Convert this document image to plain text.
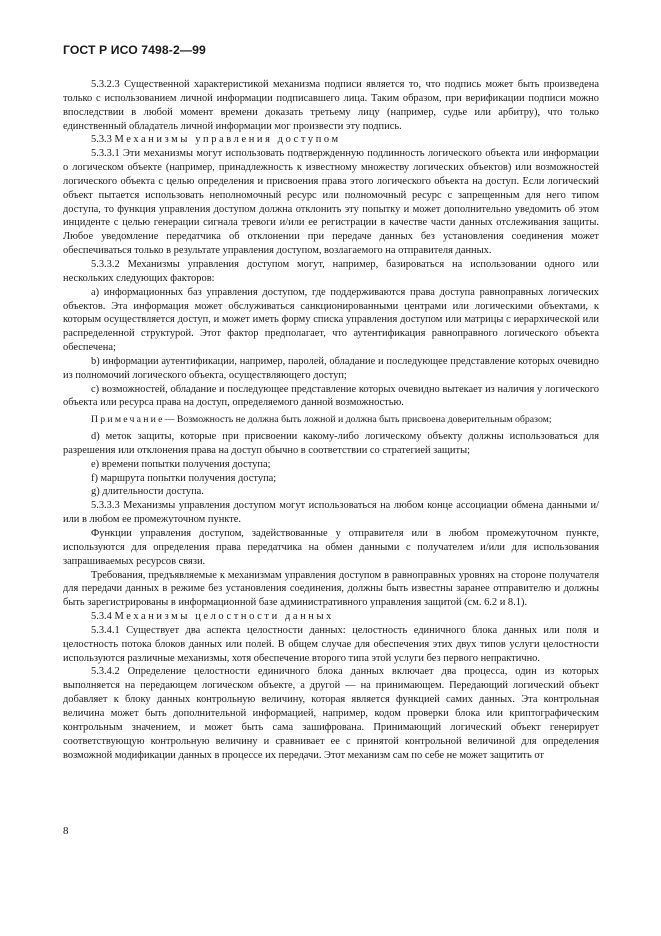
ГОСТ Р ИСО 7498-2—99

5.3.2.3 Существенной характеристикой механизма подписи является то, что подпись может быть произведена только с использованием личной информации подписавшего лица. Таким образом, при верификации подписи можно впоследствии в любой момент времени доказать третьему лицу (например, судье или арбитру), что только единственный обладатель личной информации мог произвести эту подпись.

5.3.3 Механизмы управления доступом

5.3.3.1 Эти механизмы могут использовать подтвержденную подлинность логического объекта или информации о логическом объекте (например, принадлежность к известному множеству логических объектов) или возможностей логического объекта с целью определения и присвоения права этого логического объекта на доступ. Если логический объект пытается использовать неполномочный ресурс или полномочный ресурс с запрещенным для него типом доступа, то функция управления доступом должна отклонить эту попытку и может дополнительно уведомить об этом инциденте с целью генерации сигнала тревоги и/или ее регистрации в качестве части данных отслеживания защиты. Любое уведомление передатчика об отклонении при передаче данных без установления соединения может обеспечиваться только в результате управления доступом, возлагаемого на отправителя данных.

5.3.3.2 Механизмы управления доступом могут, например, базироваться на использовании одного или нескольких следующих факторов:

a) информационных баз управления доступом, где поддерживаются права доступа равноправных логических объектов. Эта информация может обслуживаться санкционированными центрами или логическими объектами, к которым осуществляется доступ, и может иметь форму списка управления доступом или матрицы с иерархической или распределенной структурой. Этот фактор предполагает, что аутентификация равноправного логического объекта обеспечена;

b) информации аутентификации, например, паролей, обладание и последующее представление которых очевидно из полномочий логического объекта, осуществляющего доступ;

c) возможностей, обладание и последующее представление которых очевидно вытекает из наличия у логического объекта или ресурса права на доступ, определяемого данной возможностью.

Примечание— Возможность не должна быть ложной и должна быть присвоена доверительным образом;

d) меток защиты, которые при присвоении какому-либо логическому объекту должны использоваться для разрешения или отклонения права на доступ обычно в соответствии со стратегией защиты;

e) времени попытки получения доступа;

f) маршрута попытки получения доступа;

g) длительности доступа.

5.3.3.3 Механизмы управления доступом могут использоваться на любом конце ассоциации обмена данными и/или в любом ее промежуточном пункте.

Функции управления доступом, задействованные у отправителя или в любом промежуточном пункте, используются для определения права передатчика на обмен данными с получателем и/или для использования запрашиваемых ресурсов связи.

Требования, предъявляемые к механизмам управления доступом в равноправных уровнях на стороне получателя для передачи данных в режиме без установления соединения, должны быть известны заранее отправителю и должны быть зарегистрированы в информационной базе административного управления защитой (см. 6.2 и 8.1).

5.3.4 Механизмы целостности данных

5.3.4.1 Существует два аспекта целостности данных: целостность единичного блока данных или поля и целостность потока блоков данных или полей. В общем случае для обеспечения этих двух типов услуги целостности используются различные механизмы, хотя обеспечение второго типа этой услуги без первого непрактично.

5.3.4.2 Определение целостности единичного блока данных включает два процесса, один из которых выполняется на передающем логическом объекте, а другой — на принимающем. Передающий логический объект добавляет к блоку данных контрольную величину, которая является функцией самих данных. Эта контрольная величина может быть дополнительной информацией, например, кодом проверки блока или криптографическим контрольным значением, и может быть сама зашифрована. Принимающий логический объект генерирует соответствующую контрольную величину и сравнивает ее с принятой контрольной величиной для определения возможной модификации данных в процессе их передачи. Этот механизм сам по себе не может защитить от

8
